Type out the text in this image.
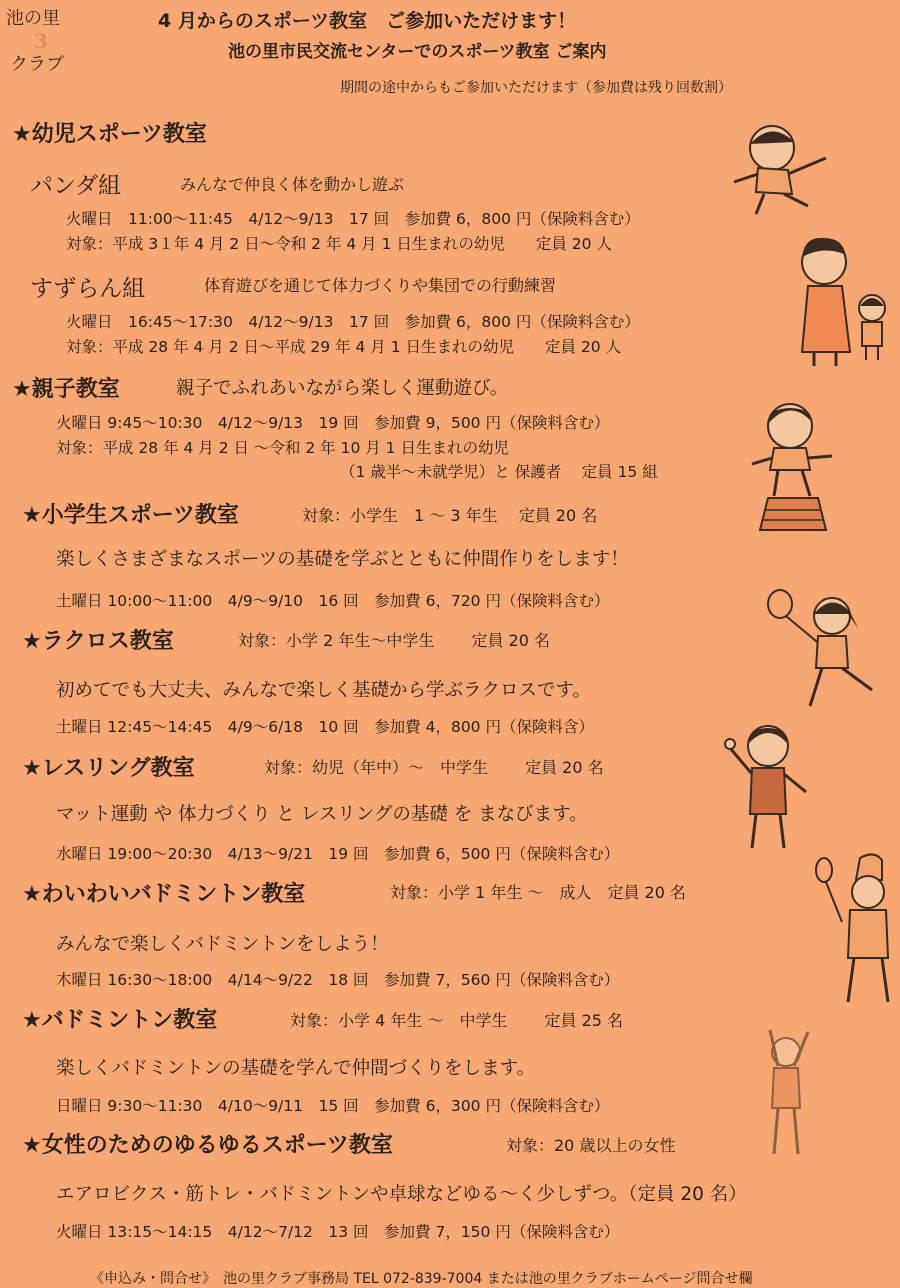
池の里
3
クラブ
4 月からのスポーツ教室　ご参加いただけます！
池の里市民交流センターでのスポーツ教室 ご案内
期間の途中からもご参加いただけます（参加費は残り回数割）
★幼児スポーツ教室
パンダ組	みんなで仲良く体を動かし遊ぶ
火曜日　11:00～11:45　4/12～9/13　17 回　参加費 6，800 円（保険料含む）
対象：平成 3１年 4 月 2 日～令和 2 年 4 月 1 日生まれの幼児　　定員 20 人
すずらん組	体育遊びを通じて体力づくりや集団での行動練習
火曜日　16:45～17:30　4/12～9/13　17 回　参加費 6，800 円（保険料含む）
対象：平成 28 年 4 月 2 日～平成 29 年 4 月 1 日生まれの幼児　　定員 20 人
★親子教室	親子でふれあいながら楽しく運動遊び。
火曜日 9:45～10:30　4/12～9/13　19 回　参加費 9，500 円（保険料含む）
対象：平成 28 年 4 月 2 日 ～令和 2 年 10 月 1 日生まれの幼児
（1 歳半～未就学児）と 保護者　 定員 15 組
★小学生スポーツ教室	対象：小学生　1 ～ 3 年生　 定員 20 名
楽しくさまざまなスポーツの基礎を学ぶとともに仲間作りをします！
土曜日 10:00～11:00　4/9～9/10　16 回　参加費 6，720 円（保険料含む）
★ラクロス教室	対象：小学 2 年生～中学生　　 定員 20 名
初めてでも大丈夫、みんなで楽しく基礎から学ぶラクロスです。
土曜日 12:45～14:45　4/9～6/18　10 回　参加費 4，800 円（保険料含）
★レスリング教室	対象：幼児（年中）～　中学生　　 定員 20 名
マット運動 や 体力づくり と レスリングの基礎 を まなびます。
水曜日 19:00～20:30　4/13～9/21　19 回　参加費 6，500 円（保険料含む）
★わいわいバドミントン教室	対象：小学 1 年生 ～　成人　定員 20 名
みんなで楽しくバドミントンをしよう！
木曜日 16:30～18:00　4/14～9/22　18 回　参加費 7，560 円（保険料含む）
★バドミントン教室	対象：小学 4 年生 ～　中学生　　 定員 25 名
楽しくバドミントンの基礎を学んで仲間づくりをします。
日曜日 9:30～11:30　4/10～9/11　15 回　参加費 6，300 円（保険料含む）
★女性のためのゆるゆるスポーツ教室	対象：20 歳以上の女性
エアロビクス・筋トレ・バドミントンや卓球などゆる～く少しずつ。（定員 20 名）
火曜日 13:15～14:15　4/12～7/12　13 回　参加費 7，150 円（保険料含む）
《申込み・問合せ》　池の里クラブ事務局 TEL 072-839-7004 または池の里クラブホームページ問合せ欄
